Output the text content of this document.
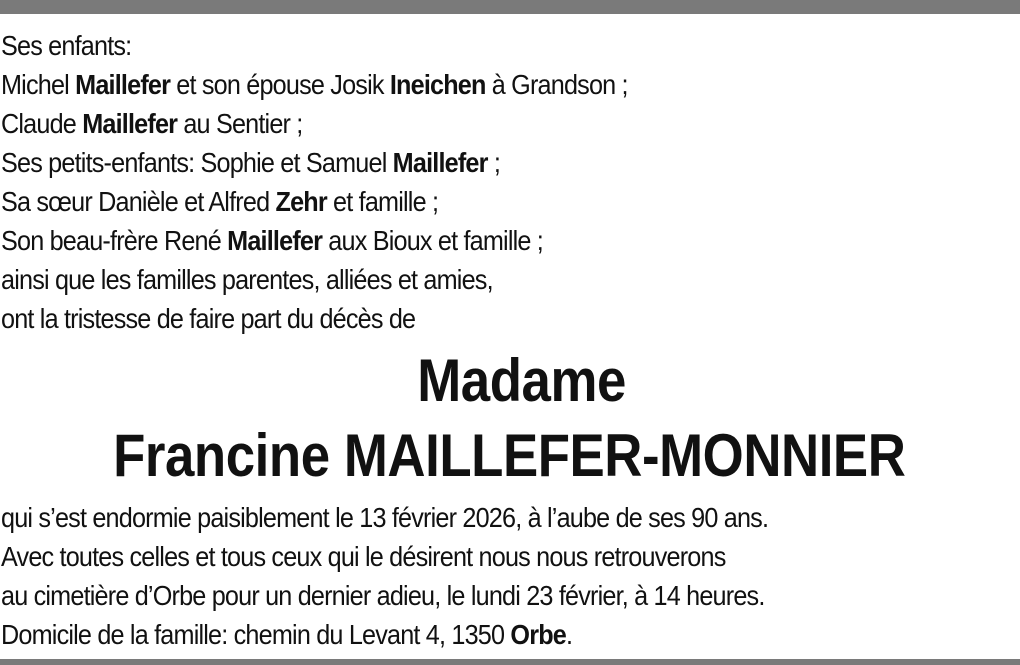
Ses enfants:
Michel Maillefer et son épouse Josik Ineichen à Grandson ;
Claude Maillefer au Sentier ;
Ses petits-enfants: Sophie et Samuel Maillefer ;
Sa sœur Danièle et Alfred Zehr et famille ;
Son beau-frère René Maillefer aux Bioux et famille ;
ainsi que les familles parentes, alliées et amies,
ont la tristesse de faire part du décès de
Madame
Francine MAILLEFER-MONNIER
qui s’est endormie paisiblement le 13 février 2026, à l’aube de ses 90 ans.
Avec toutes celles et tous ceux qui le désirent nous nous retrouverons
au cimetière d’Orbe pour un dernier adieu, le lundi 23 février, à 14 heures.
Domicile de la famille: chemin du Levant 4, 1350 Orbe.
